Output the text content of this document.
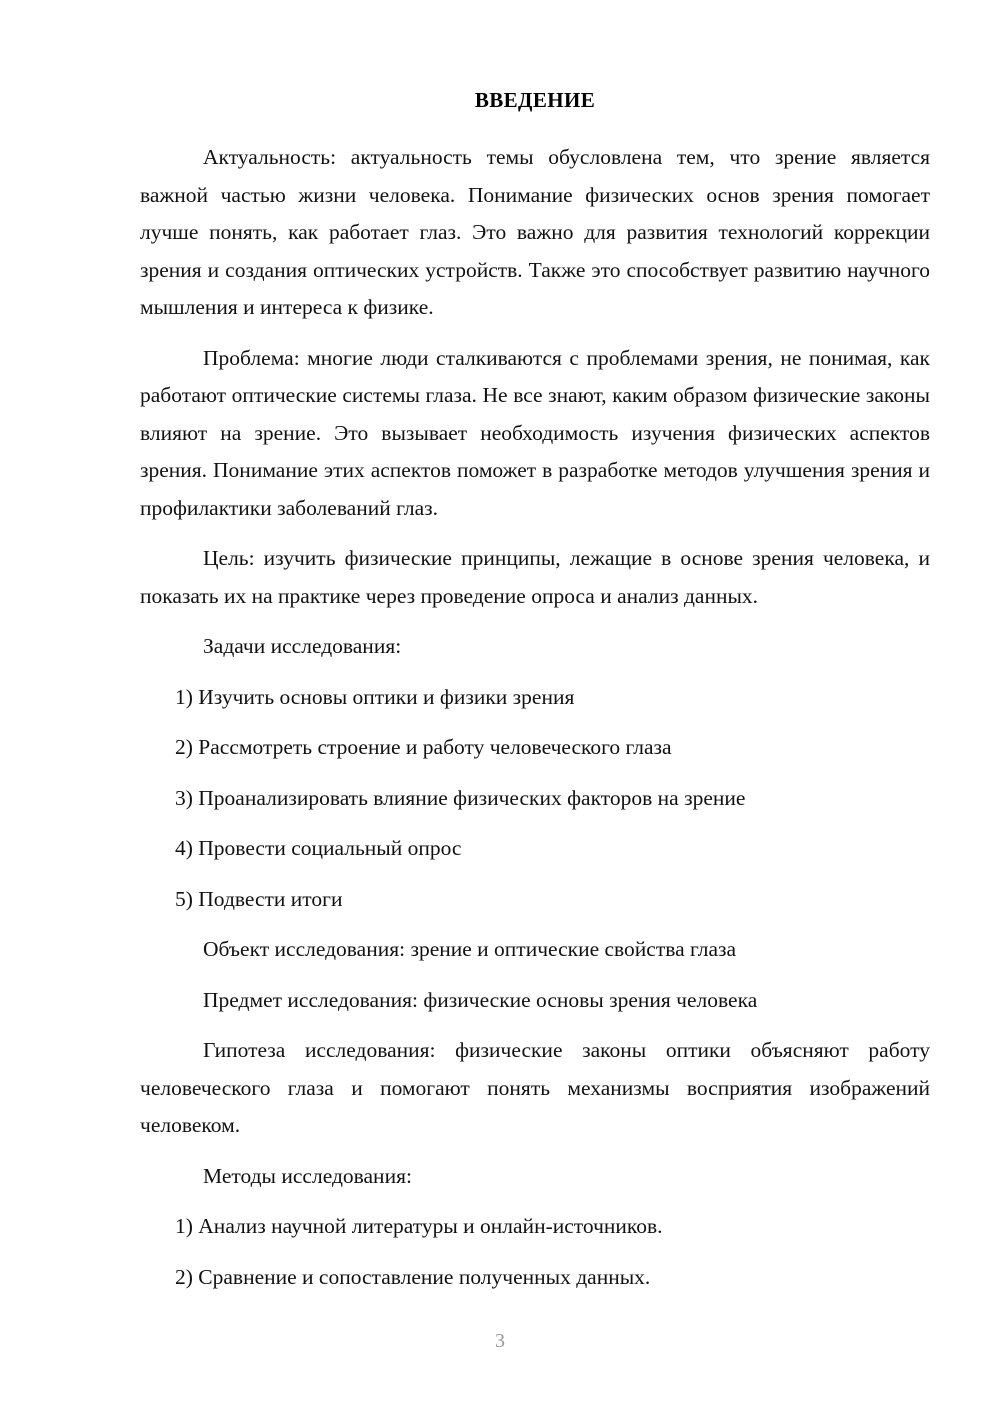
ВВЕДЕНИЕ

Актуальность: актуальность темы обусловлена тем, что зрение является важной частью жизни человека. Понимание физических основ зрения помогает лучше понять, как работает глаз. Это важно для развития технологий коррекции зрения и создания оптических устройств. Также это способствует развитию научного мышления и интереса к физике.

Проблема: многие люди сталкиваются с проблемами зрения, не понимая, как работают оптические системы глаза. Не все знают, каким образом физические законы влияют на зрение. Это вызывает необходимость изучения физических аспектов зрения. Понимание этих аспектов поможет в разработке методов улучшения зрения и профилактики заболеваний глаз.

Цель: изучить физические принципы, лежащие в основе зрения человека, и показать их на практике через проведение опроса и анализ данных.

Задачи исследования:

1) Изучить основы оптики и физики зрения
2) Рассмотреть строение и работу человеческого глаза
3) Проанализировать влияние физических факторов на зрение
4) Провести социальный опрос
5) Подвести итоги

Объект исследования: зрение и оптические свойства глаза

Предмет исследования: физические основы зрения человека

Гипотеза исследования: физические законы оптики объясняют работу человеческого глаза и помогают понять механизмы восприятия изображений человеком.

Методы исследования:

1) Анализ научной литературы и онлайн-источников.
2) Сравнение и сопоставление полученных данных.
3
